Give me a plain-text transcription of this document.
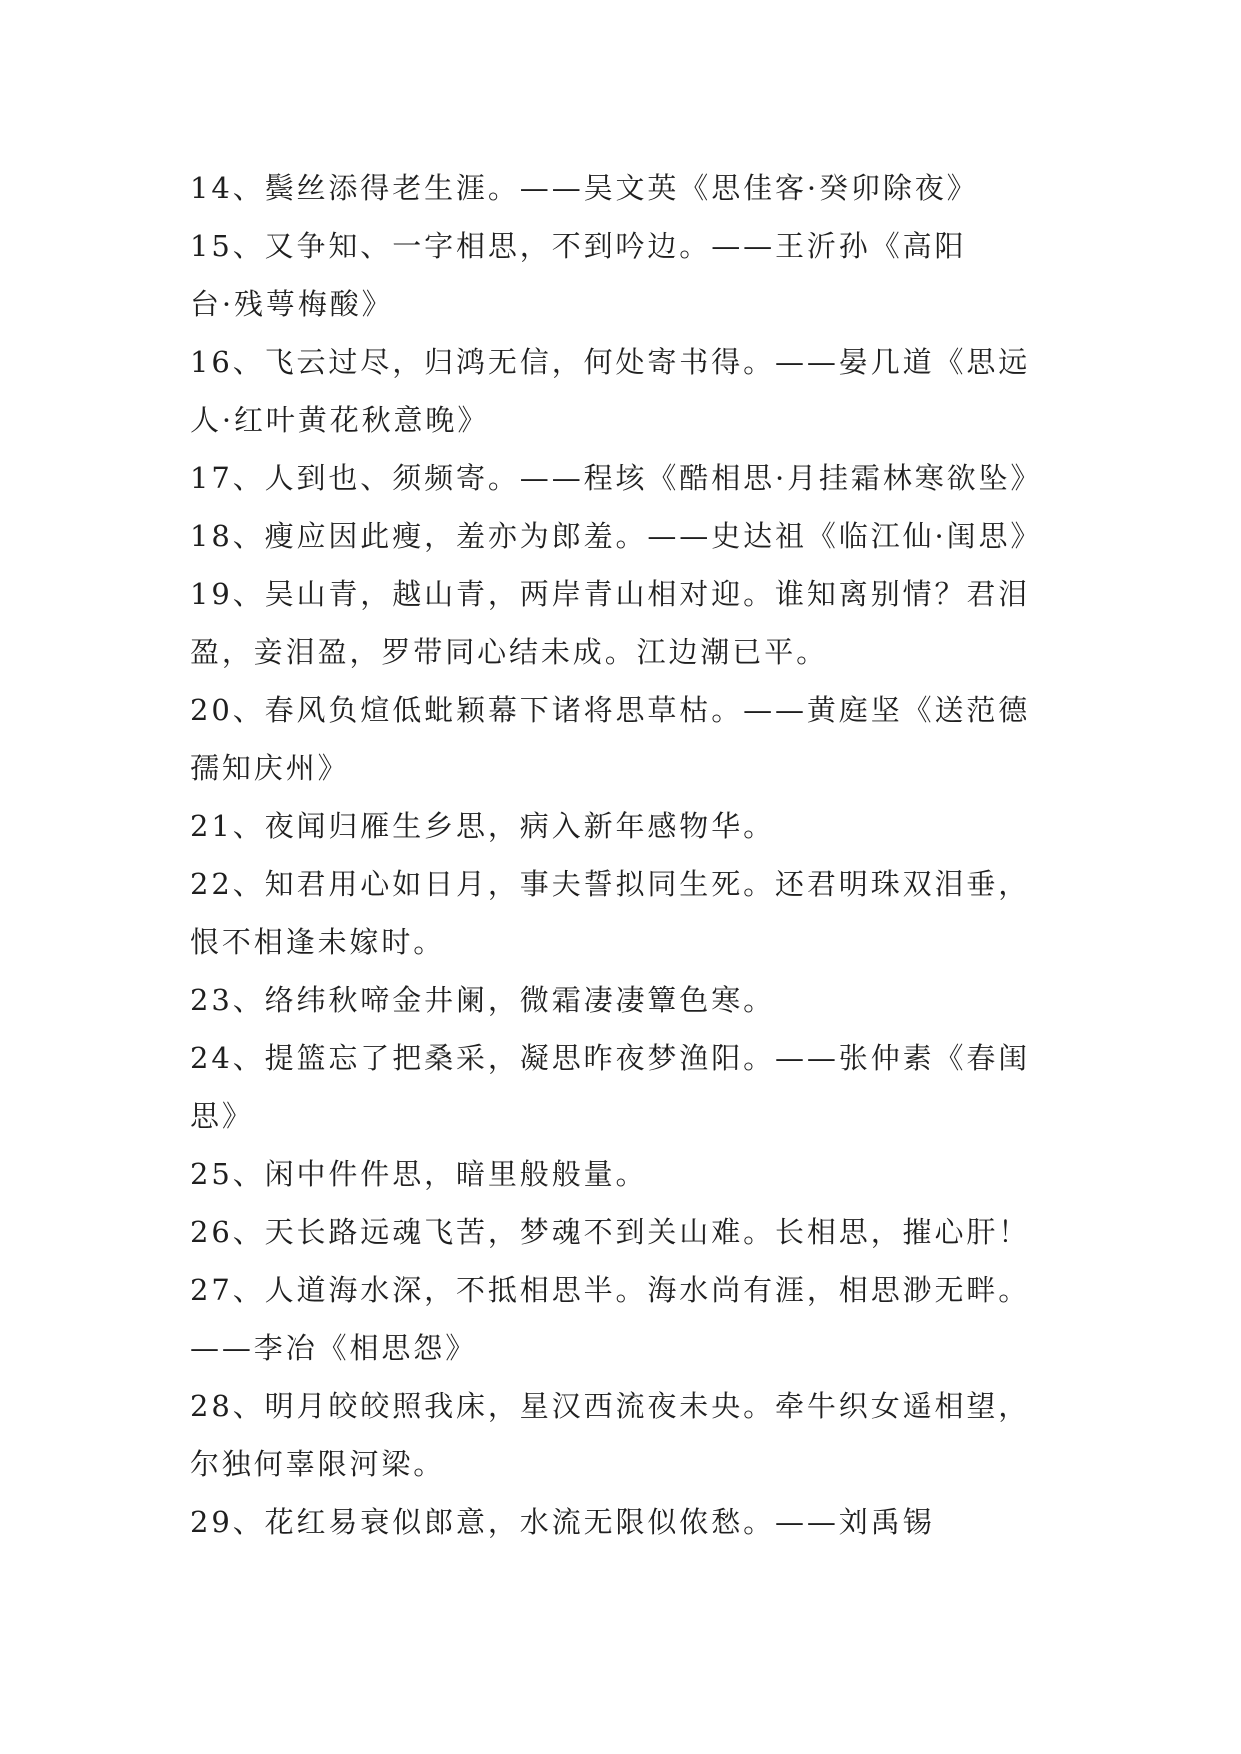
14、鬓丝添得老生涯。——吴文英《思佳客·癸卯除夜》
15、又争知、一字相思，不到吟边。——王沂孙《高阳
台·残萼梅酸》
16、飞云过尽，归鸿无信，何处寄书得。——晏几道《思远
人·红叶黄花秋意晚》
17、人到也、须频寄。——程垓《酷相思·月挂霜林寒欲坠》
18、瘦应因此瘦，羞亦为郎羞。——史达祖《临江仙·闺思》
19、吴山青，越山青，两岸青山相对迎。谁知离别情？君泪
盈，妾泪盈，罗带同心结未成。江边潮已平。
20、春风负煊低蚍颖幕下诸将思草枯。——黄庭坚《送范德
孺知庆州》
21、夜闻归雁生乡思，病入新年感物华。
22、知君用心如日月，事夫誓拟同生死。还君明珠双泪垂，
恨不相逢未嫁时。
23、络纬秋啼金井阑，微霜凄凄簟色寒。
24、提篮忘了把桑采，凝思昨夜梦渔阳。——张仲素《春闺
思》
25、闲中件件思，暗里般般量。
26、天长路远魂飞苦，梦魂不到关山难。长相思，摧心肝！
27、人道海水深，不抵相思半。海水尚有涯，相思渺无畔。
——李冶《相思怨》
28、明月皎皎照我床，星汉西流夜未央。牵牛织女遥相望，
尔独何辜限河梁。
29、花红易衰似郎意，水流无限似侬愁。——刘禹锡
